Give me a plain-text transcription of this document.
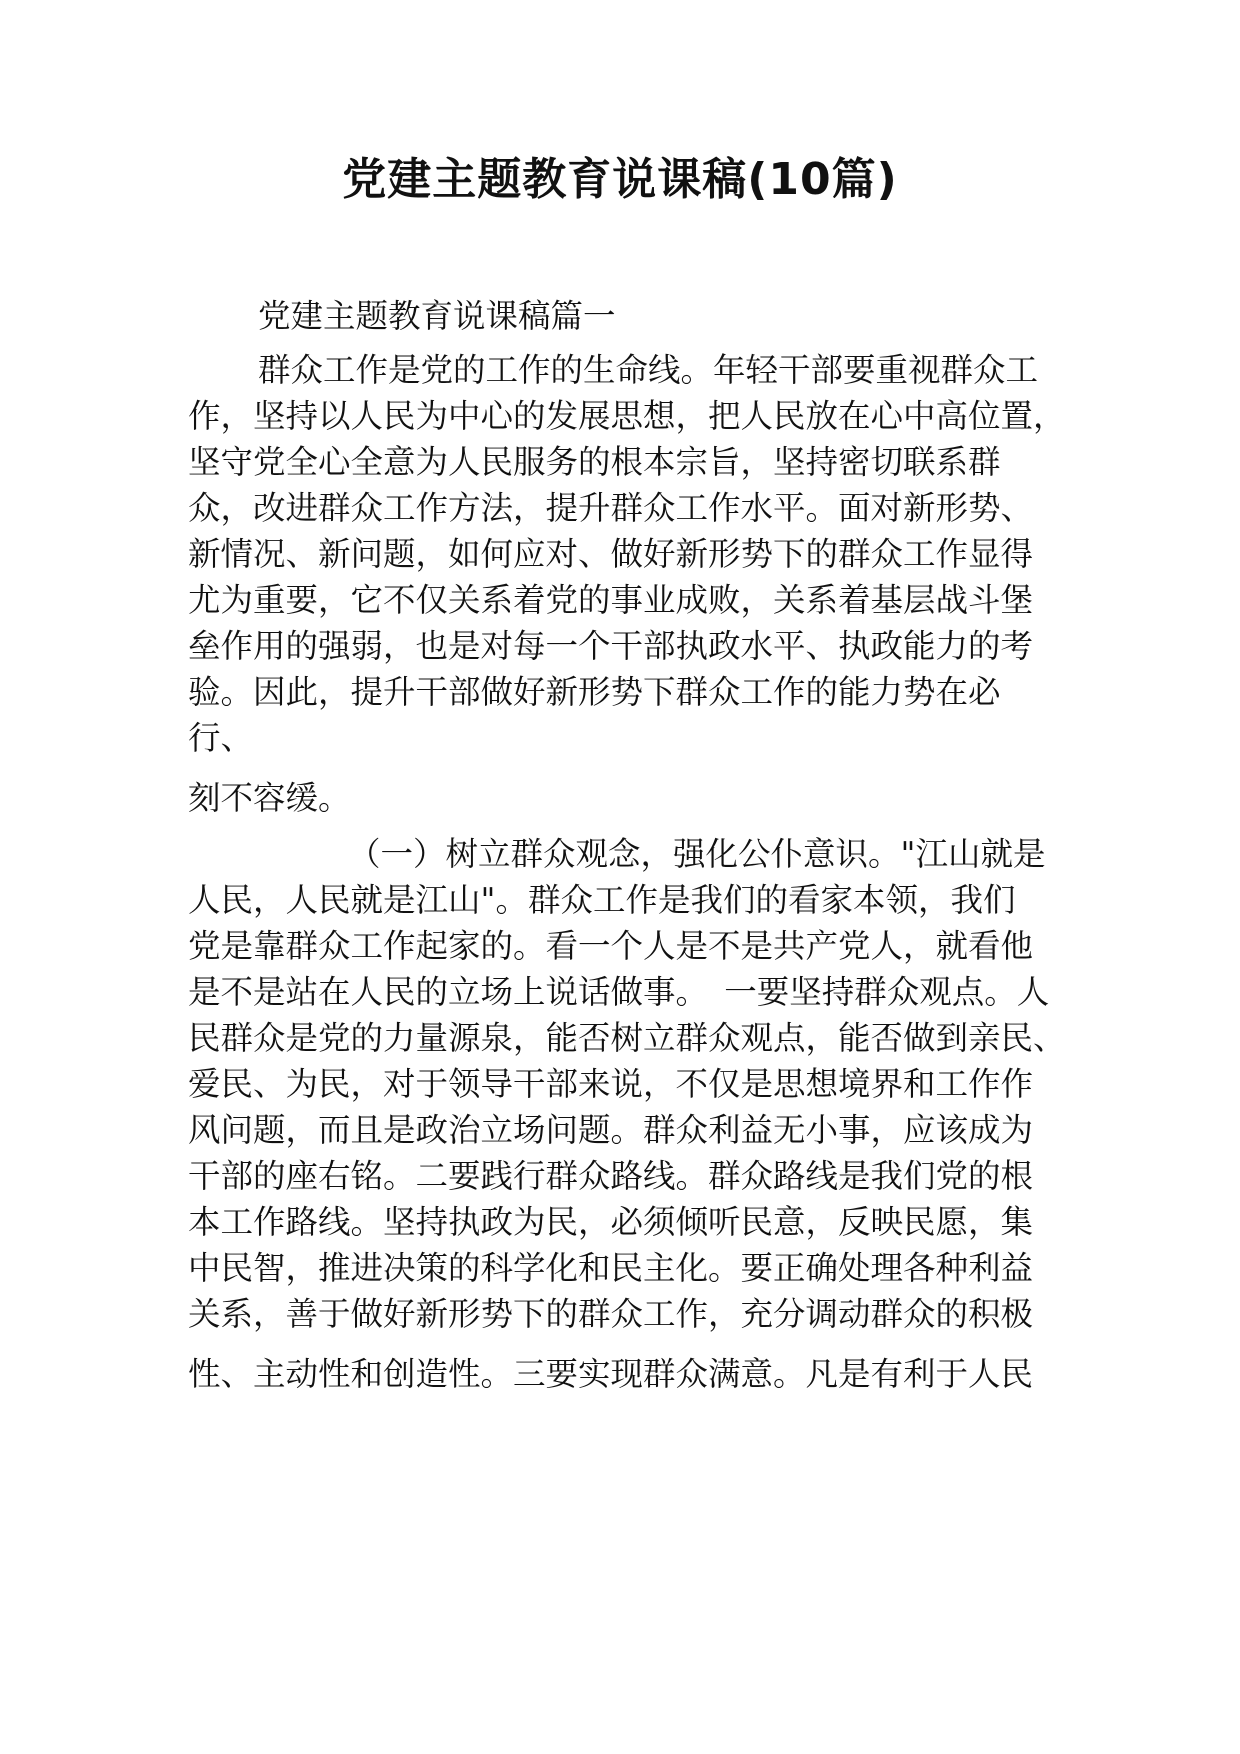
党建主题教育说课稿(10篇)
党建主题教育说课稿篇一
群众工作是党的工作的生命线。年轻干部要重视群众工
作，坚持以人民为中心的发展思想，把人民放在心中高位置，
坚守党全心全意为人民服务的根本宗旨，坚持密切联系群
众，改进群众工作方法，提升群众工作水平。面对新形势、
新情况、新问题，如何应对、做好新形势下的群众工作显得
尤为重要，它不仅关系着党的事业成败，关系着基层战斗堡
垒作用的强弱，也是对每一个干部执政水平、执政能力的考
验。因此，提升干部做好新形势下群众工作的能力势在必
行、
刻不容缓。
（一）树立群众观念，强化公仆意识。"江山就是
人民，人民就是江山"。群众工作是我们的看家本领，我们
党是靠群众工作起家的。看一个人是不是共产党人，就看他
是不是站在人民的立场上说话做事。　一要坚持群众观点。人
民群众是党的力量源泉，能否树立群众观点，能否做到亲民、
爱民、为民，对于领导干部来说，不仅是思想境界和工作作
风问题，而且是政治立场问题。群众利益无小事，应该成为
干部的座右铭。二要践行群众路线。群众路线是我们党的根
本工作路线。坚持执政为民，必须倾听民意，反映民愿，集
中民智，推进决策的科学化和民主化。要正确处理各种利益
关系，善于做好新形势下的群众工作，充分调动群众的积极
性、主动性和创造性。三要实现群众满意。凡是有利于人民
